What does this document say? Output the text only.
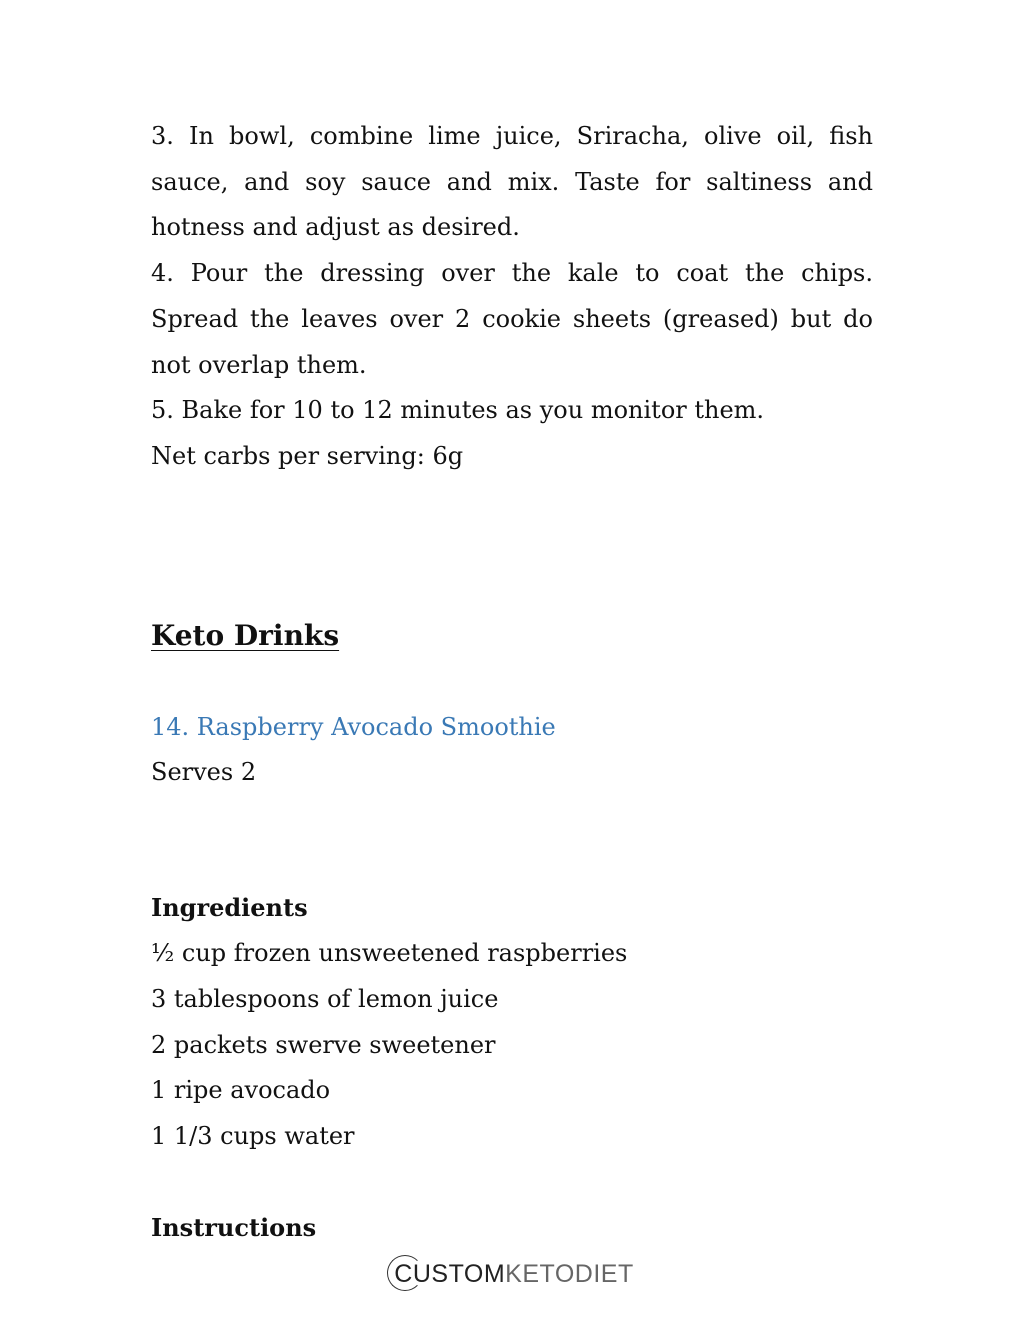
3. In bowl, combine lime juice, Sriracha, olive oil, fish sauce, and soy sauce and mix. Taste for saltiness and hotness and adjust as desired.

4. Pour the dressing over the kale to coat the chips. Spread the leaves over 2 cookie sheets (greased) but do not overlap them.

5. Bake for 10 to 12 minutes as you monitor them.

Net carbs per serving: 6g

Keto Drinks

14. Raspberry Avocado Smoothie

Serves 2

Ingredients

½ cup frozen unsweetened raspberries

3 tablespoons of lemon juice

2 packets swerve sweetener

1 ripe avocado

1 1/3 cups water

Instructions

CUSTOMKETODIET
